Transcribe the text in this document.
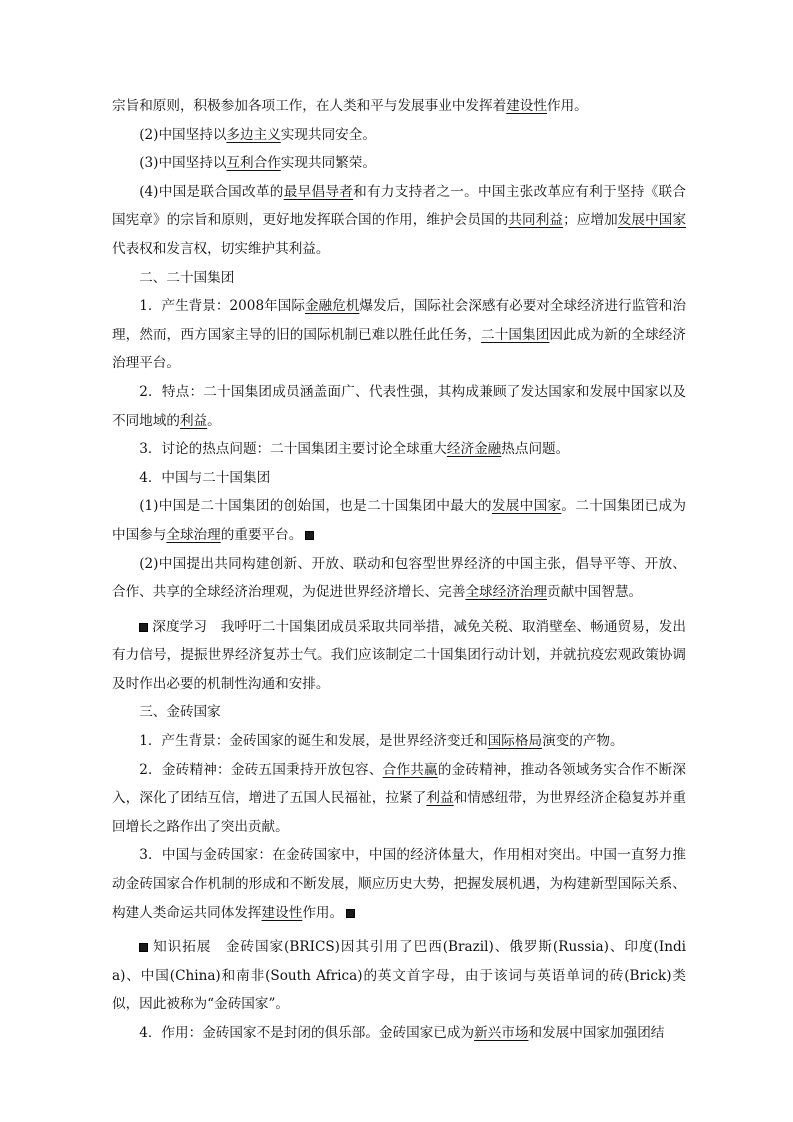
宗旨和原则，积极参加各项工作，在人类和平与发展事业中发挥着建设性作用。

(2)中国坚持以多边主义实现共同安全。

(3)中国坚持以互利合作实现共同繁荣。

(4)中国是联合国改革的最早倡导者和有力支持者之一。中国主张改革应有利于坚持《联合国宪章》的宗旨和原则，更好地发挥联合国的作用，维护会员国的共同利益；应增加发展中国家代表权和发言权，切实维护其利益。

二、二十国集团

1．产生背景：2008年国际金融危机爆发后，国际社会深感有必要对全球经济进行监管和治理，然而，西方国家主导的旧的国际机制已难以胜任此任务，二十国集团因此成为新的全球经济治理平台。

2．特点：二十国集团成员涵盖面广、代表性强，其构成兼顾了发达国家和发展中国家以及不同地域的利益。

3．讨论的热点问题：二十国集团主要讨论全球重大经济金融热点问题。

4．中国与二十国集团

(1)中国是二十国集团的创始国，也是二十国集团中最大的发展中国家。二十国集团已成为中国参与全球治理的重要平台。

(2)中国提出共同构建创新、开放、联动和包容型世界经济的中国主张，倡导平等、开放、合作、共享的全球经济治理观，为促进世界经济增长、完善全球经济治理贡献中国智慧。

深度学习　我呼吁二十国集团成员采取共同举措，减免关税、取消壁垒、畅通贸易，发出有力信号，提振世界经济复苏士气。我们应该制定二十国集团行动计划，并就抗疫宏观政策协调及时作出必要的机制性沟通和安排。

三、金砖国家

1．产生背景：金砖国家的诞生和发展，是世界经济变迁和国际格局演变的产物。

2．金砖精神：金砖五国秉持开放包容、合作共赢的金砖精神，推动各领域务实合作不断深入，深化了团结互信，增进了五国人民福祉，拉紧了利益和情感纽带，为世界经济企稳复苏并重回增长之路作出了突出贡献。

3．中国与金砖国家：在金砖国家中，中国的经济体量大，作用相对突出。中国一直努力推动金砖国家合作机制的形成和不断发展，顺应历史大势，把握发展机遇，为构建新型国际关系、构建人类命运共同体发挥建设性作用。

知识拓展　金砖国家(BRICS)因其引用了巴西(Brazil)、俄罗斯(Russia)、印度(India)、中国(China)和南非(South Africa)的英文首字母，由于该词与英语单词的砖(Brick)类似，因此被称为“金砖国家”。

4．作用：金砖国家不是封闭的俱乐部。金砖国家已成为新兴市场和发展中国家加强团结
